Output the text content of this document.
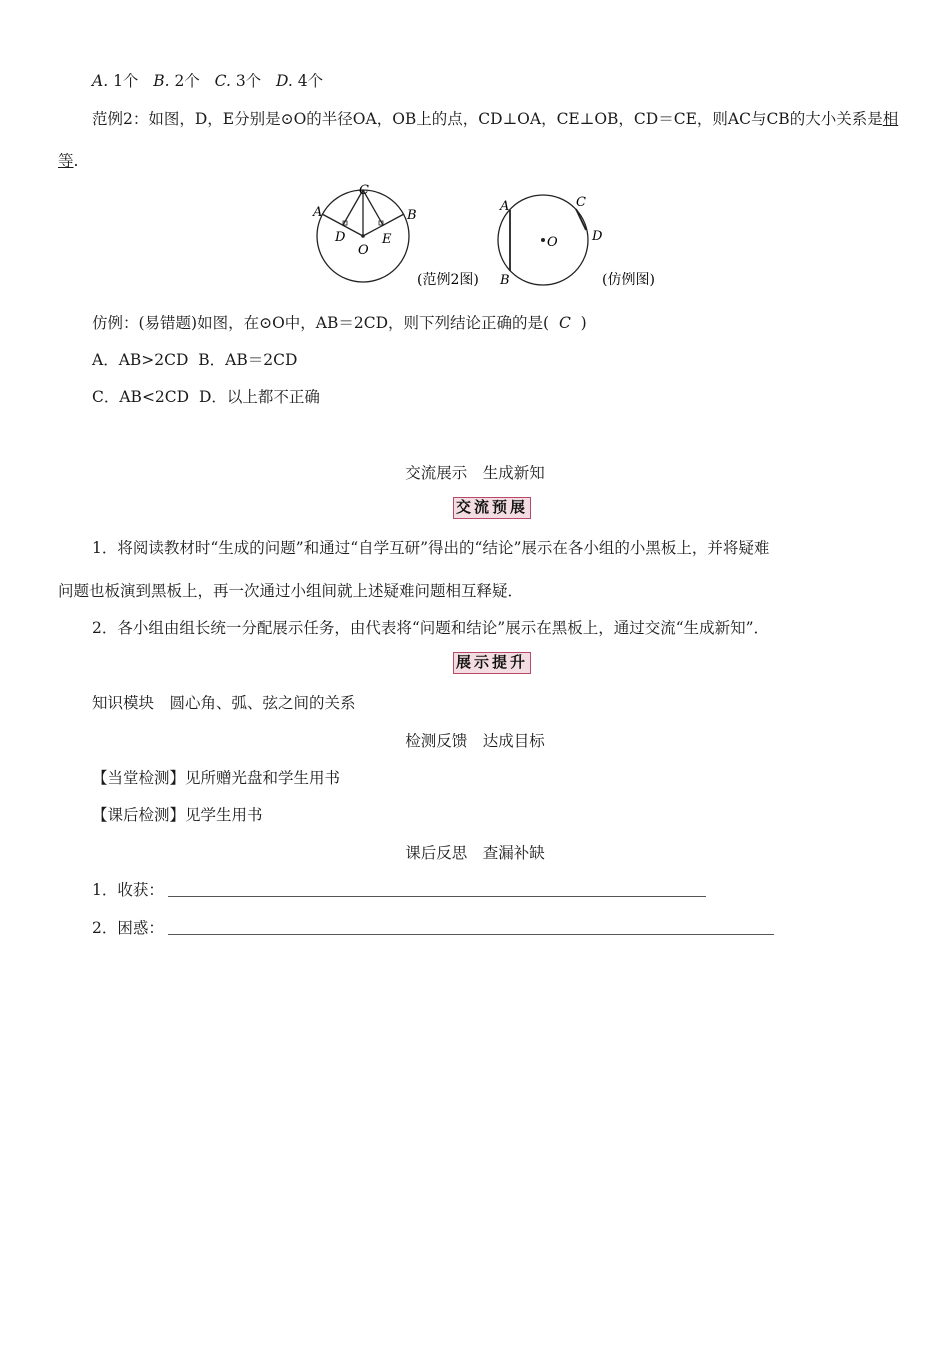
A. 1个 B. 2个 C. 3个 D. 4个
范例2：如图，D，E分别是⊙O的半径OA，OB上的点，CD⊥OA，CE⊥OB，CD＝CE，则AC与CB的大小关系是相
等.
C
A	B
D	E
O
(范例2图)
A
B
C
D
O
(仿例图)
仿例：(易错题)如图，在⊙O中，AB＝2CD，则下列结论正确的是( C )
A．AB>2CD B．AB＝2CD
C．AB<2CD D．以上都不正确
交流展示　生成新知
交流预展
1．将阅读教材时“生成的问题”和通过“自学互研”得出的“结论”展示在各小组的小黑板上，并将疑难
问题也板演到黑板上，再一次通过小组间就上述疑难问题相互释疑．
2．各小组由组长统一分配展示任务，由代表将“问题和结论”展示在黑板上，通过交流“生成新知”．
展示提升
知识模块　圆心角、弧、弦之间的关系
检测反馈　达成目标
【当堂检测】见所赠光盘和学生用书
【课后检测】见学生用书
课后反思　查漏补缺
1．收获：
2．困惑：
